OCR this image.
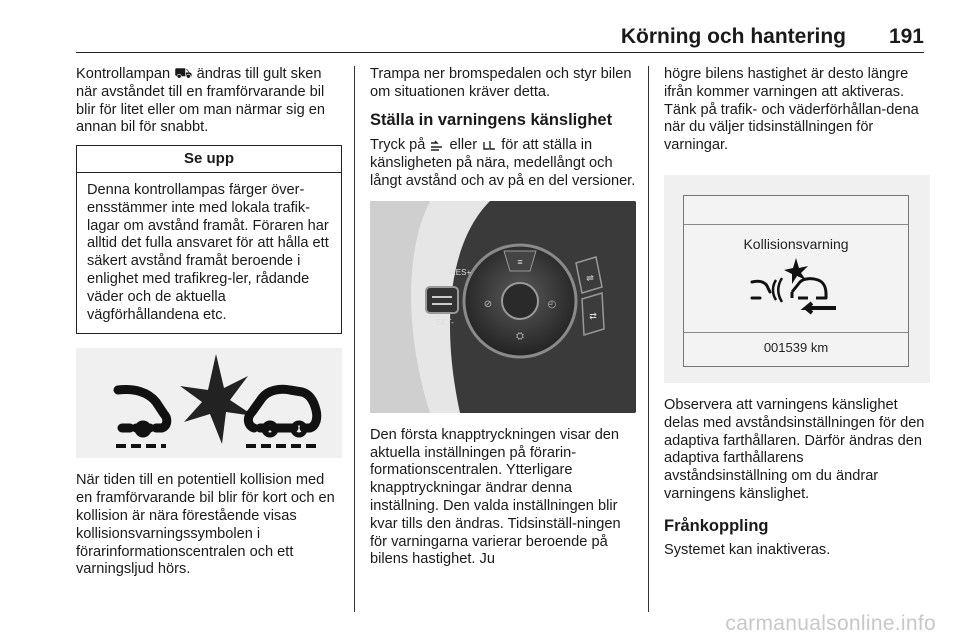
Körning och hantering 191

Kontrollampan ⛟ ändras till gult sken när avståndet till en framförvarande bil blir för litet eller om man närmar sig en annan bil för snabbt.

Se upp
Denna kontrollampas färger över-ensstämmer inte med lokala trafik-lagar om avstånd framåt. Föraren har alltid det fulla ansvaret för att hålla ett säkert avstånd framåt beroende i enlighet med trafikreg-ler, rådande väder och de aktuella vägförhållandena etc.

När tiden till en potentiell kollision med en framförvarande bil blir för kort och en kollision är nära förestående visas kollisionsvarningssymbolen i förarinformationscentralen och ett varningsljud hörs.

Trampa ner bromspedalen och styr bilen om situationen kräver detta.

Ställa in varningens känslighet

Tryck på eller för att ställa in känsligheten på nära, medellångt och långt avstånd och av på en del versioner.

≡
⊘	◴
⛭
RES+
SET-
⇌
⇄

Den första knapptryckningen visar den aktuella inställningen på förarin-formationscentralen. Ytterligare knapptryckningar ändrar denna inställning. Den valda inställningen blir kvar tills den ändras. Tidsinställ-ningen för varningarna varierar beroende på bilens hastighet. Ju

högre bilens hastighet är desto längre ifrån kommer varningen att aktiveras. Tänk på trafik- och väderförhållan-dena när du väljer tidsinställningen för varningar.

Kollisionsvarning
001539 km

Observera att varningens känslighet delas med avståndsinställningen för den adaptiva farthållaren. Därför ändras den adaptiva farthållarens avståndsinställning om du ändrar varningens känslighet.

Frånkoppling

Systemet kan inaktiveras.

carmanualsonline.info
